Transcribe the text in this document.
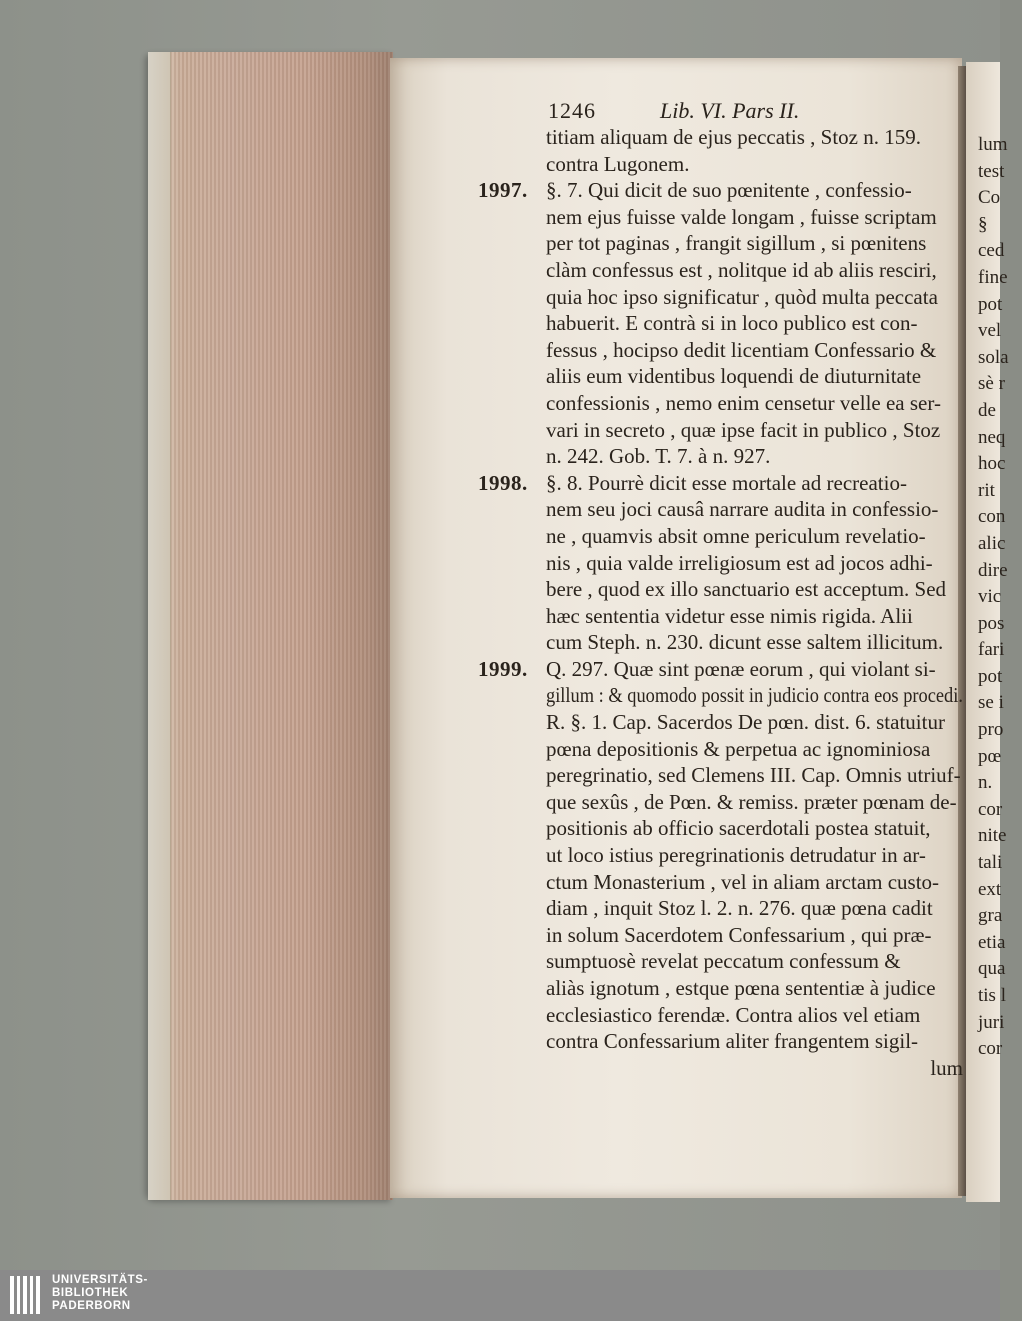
lum
test
Co
§
ced
fine
pot
vel
sola
sè r
de
neq
hoc
rit
con
alic
dire
vic
pos
fari
pot
se i
pro
pœ
n.
cor
nite
tali
ext
gra
etia
qua
tis l
juri
cor
1246	Lib. VI. Pars II.
titiam aliquam de ejus peccatis , Stoz n. 159.
contra Lugonem.
1997. §. 7. Qui dicit de suo pœnitente , confessio-
nem ejus fuisse valde longam , fuisse scriptam
per tot paginas , frangit sigillum , si pœnitens
clàm confessus est , nolitque id ab aliis resciri,
quia hoc ipso significatur , quòd multa peccata
habuerit. E contrà si in loco publico est con-
fessus , hocipso dedit licentiam Confessario &
aliis eum videntibus loquendi de diuturnitate
confessionis , nemo enim censetur velle ea ser-
vari in secreto , quæ ipse facit in publico , Stoz
n. 242. Gob. T. 7. à n. 927.
1998. §. 8. Pourrè dicit esse mortale ad recreatio-
nem seu joci causâ narrare audita in confessio-
ne , quamvis absit omne periculum revelatio-
nis , quia valde irreligiosum est ad jocos adhi-
bere , quod ex illo sanctuario est acceptum. Sed
hæc sententia videtur esse nimis rigida. Alii
cum Steph. n. 230. dicunt esse saltem illicitum.
1999. Q. 297. Quæ sint pœnæ eorum , qui violant si-
gillum : & quomodo possit in judicio contra eos procedi.
R. §. 1. Cap. Sacerdos De pœn. dist. 6. statuitur
pœna depositionis & perpetua ac ignominiosa
peregrinatio, sed Clemens III. Cap. Omnis utriuf-
que sexûs , de Pœn. & remiss. præter pœnam de-
positionis ab officio sacerdotali postea statuit,
ut loco istius peregrinationis detrudatur in ar-
ctum Monasterium , vel in aliam arctam custo-
diam , inquit Stoz l. 2. n. 276. quæ pœna cadit
in solum Sacerdotem Confessarium , qui præ-
sumptuosè revelat peccatum confessum &
aliàs ignotum , estque pœna sententiæ à judice
ecclesiastico ferendæ. Contra alios vel etiam
contra Confessarium aliter frangentem sigil-
lum
UNIVERSITÄTS-
BIBLIOTHEK
PADERBORN
